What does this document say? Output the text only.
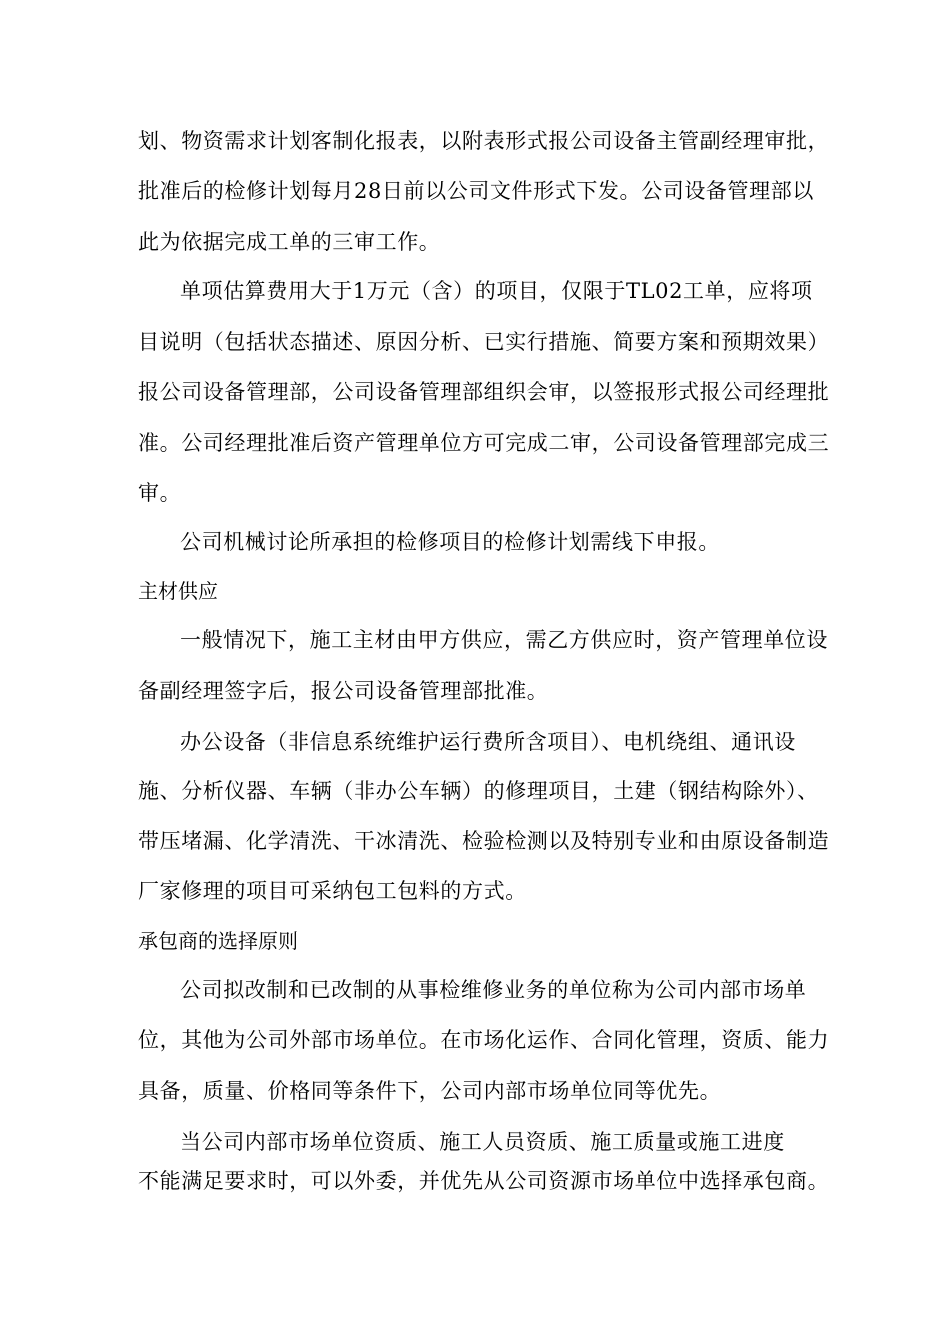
划、物资需求计划客制化报表，以附表形式报公司设备主管副经理审批，
批准后的检修计划每月28日前以公司文件形式下发。公司设备管理部以
此为依据完成工单的三审工作。
单项估算费用大于1万元（含）的项目，仅限于TL02工单，应将项
目说明（包括状态描述、原因分析、已实行措施、简要方案和预期效果）
报公司设备管理部，公司设备管理部组织会审，以签报形式报公司经理批
准。公司经理批准后资产管理单位方可完成二审，公司设备管理部完成三
审。
公司机械讨论所承担的检修项目的检修计划需线下申报。
主材供应
一般情况下，施工主材由甲方供应，需乙方供应时，资产管理单位设
备副经理签字后，报公司设备管理部批准。
办公设备（非信息系统维护运行费所含项目）、电机绕组、通讯设
施、分析仪器、车辆（非办公车辆）的修理项目，土建（钢结构除外）、
带压堵漏、化学清洗、干冰清洗、检验检测以及特别专业和由原设备制造
厂家修理的项目可采纳包工包料的方式。
承包商的选择原则
公司拟改制和已改制的从事检维修业务的单位称为公司内部市场单
位，其他为公司外部市场单位。在市场化运作、合同化管理，资质、能力
具备，质量、价格同等条件下，公司内部市场单位同等优先。
当公司内部市场单位资质、施工人员资质、施工质量或施工进度
不能满足要求时，可以外委，并优先从公司资源市场单位中选择承包商。
